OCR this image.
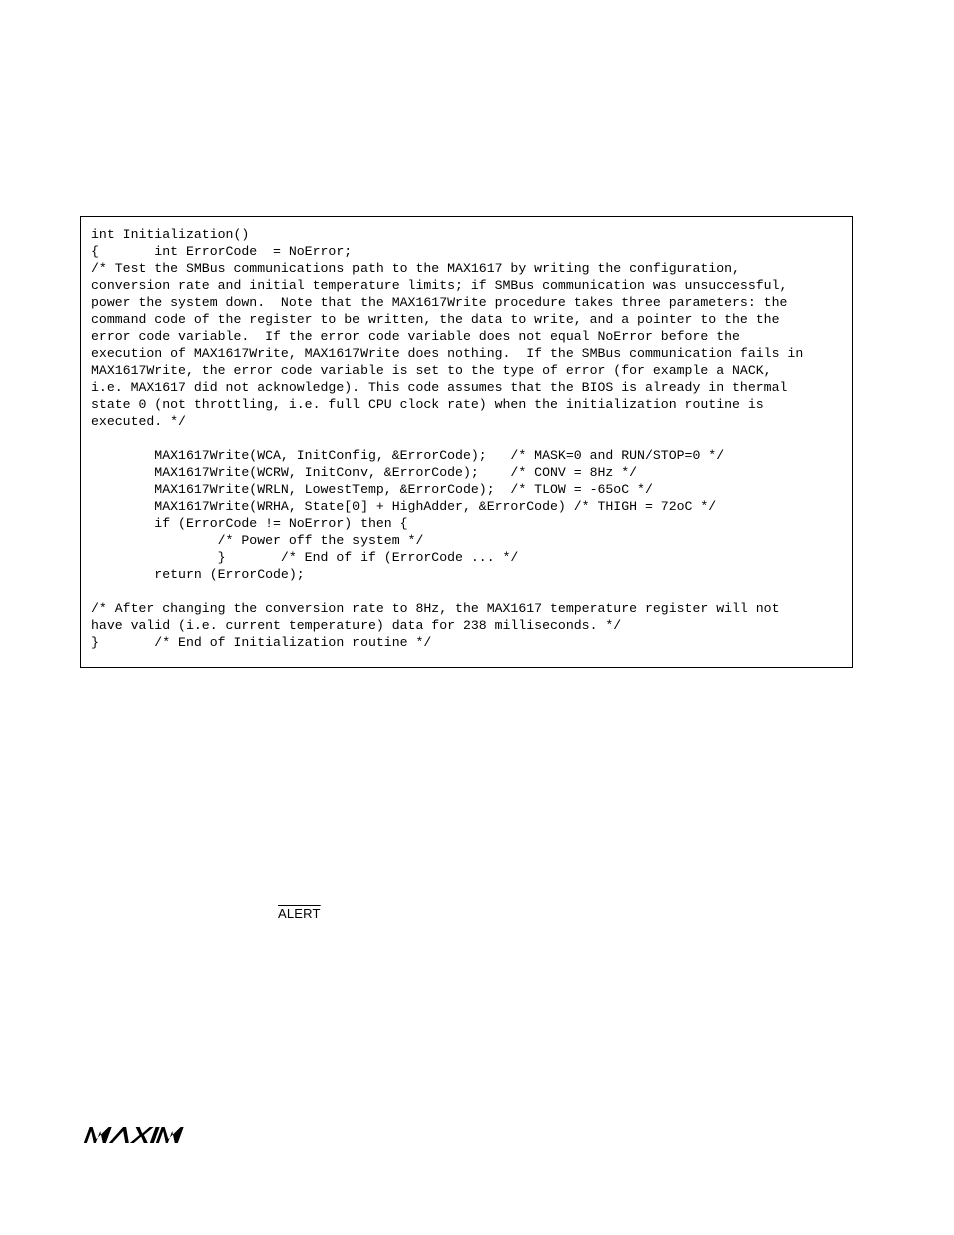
int Initialization()
{       int ErrorCode  = NoError;
/* Test the SMBus communications path to the MAX1617 by writing the configuration,
conversion rate and initial temperature limits; if SMBus communication was unsuccessful,
power the system down.  Note that the MAX1617Write procedure takes three parameters: the
command code of the register to be written, the data to write, and a pointer to the the
error code variable.  If the error code variable does not equal NoError before the
execution of MAX1617Write, MAX1617Write does nothing.  If the SMBus communication fails in
MAX1617Write, the error code variable is set to the type of error (for example a NACK,
i.e. MAX1617 did not acknowledge). This code assumes that the BIOS is already in thermal
state 0 (not throttling, i.e. full CPU clock rate) when the initialization routine is
executed. */
MAX1617Write(WCA, InitConfig, &ErrorCode);   /* MASK=0 and RUN/STOP=0 */
MAX1617Write(WCRW, InitConv, &ErrorCode);    /* CONV = 8Hz */
MAX1617Write(WRLN, LowestTemp, &ErrorCode);  /* TLOW = -65oC */
MAX1617Write(WRHA, State[0] + HighAdder, &ErrorCode) /* THIGH = 72oC */
if (ErrorCode != NoError) then {
/* Power off the system */
}       /* End of if (ErrorCode ... */
return (ErrorCode);
/* After changing the conversion rate to 8Hz, the MAX1617 temperature register will not
have valid (i.e. current temperature) data for 238 milliseconds. */
}       /* End of Initialization routine */
ALERT
